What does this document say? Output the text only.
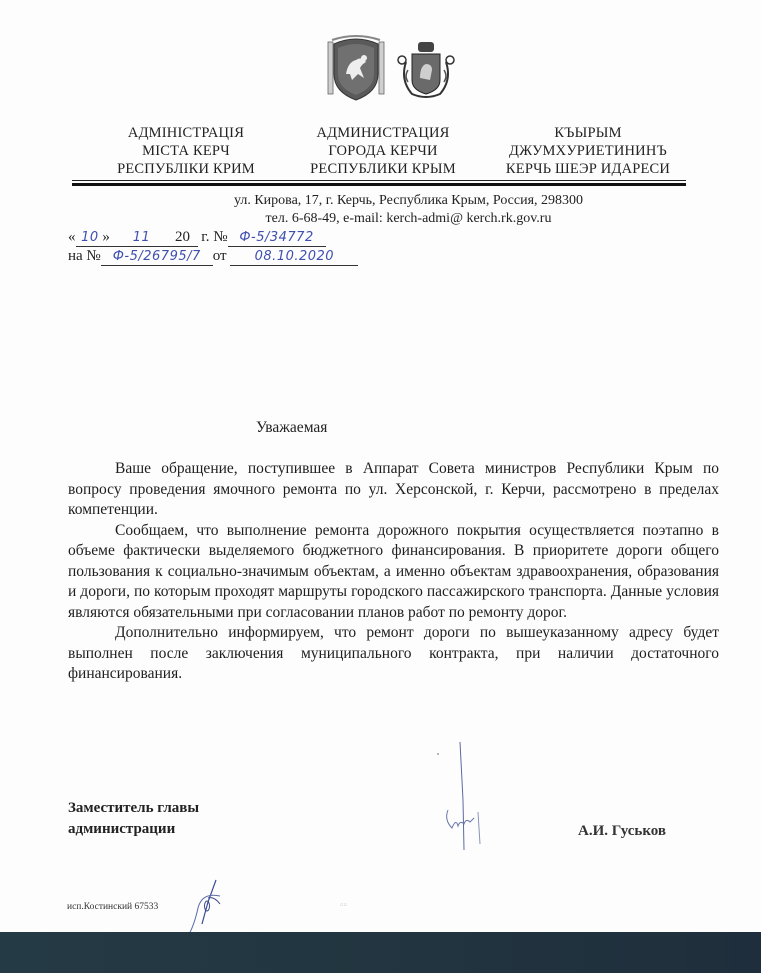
АДМІНІСТРАЦІЯ
МІСТА КЕРЧ
РЕСПУБЛІКИ КРИМ
АДМИНИСТРАЦИЯ
ГОРОДА КЕРЧИ
РЕСПУБЛИКИ КРЫМ
КЪЫРЫМ
ДЖУМХУРИЕТИНИНЪ
КЕРЧЬ ШЕЭР ИДАРЕСИ
ул. Кирова, 17, г. Керчь, Республика Крым, Россия, 298300
тел. 6-68-49, e-mail: kerch-admi@ kerch.rk.gov.ru
« 10 » 11 20 г. № Ф-5/34772
на № Ф-5/26795/7 от 08.10.2020
Уважаемая

Ваше обращение, поступившее в Аппарат Совета министров Республики Крым по вопросу проведения ямочного ремонта по ул. Херсонской, г. Керчи, рассмотрено в пределах компетенции.

Сообщаем, что выполнение ремонта дорожного покрытия осуществляется поэтапно в объеме фактически выделяемого бюджетного финансирования. В приоритете дороги общего пользования к социально-значимым объектам, а именно объектам здравоохранения, образования и дороги, по которым проходят маршруты городского пассажирского транспорта. Данные условия являются обязательными при согласовании планов работ по ремонту дорог.

Дополнительно информируем, что ремонт дороги по вышеуказанному адресу будет выполнен после заключения муниципального контракта, при наличии достаточного финансирования.

Заместитель главы
администрации	А.И. Гуськов
исп.Костинский 67533	▫▫
